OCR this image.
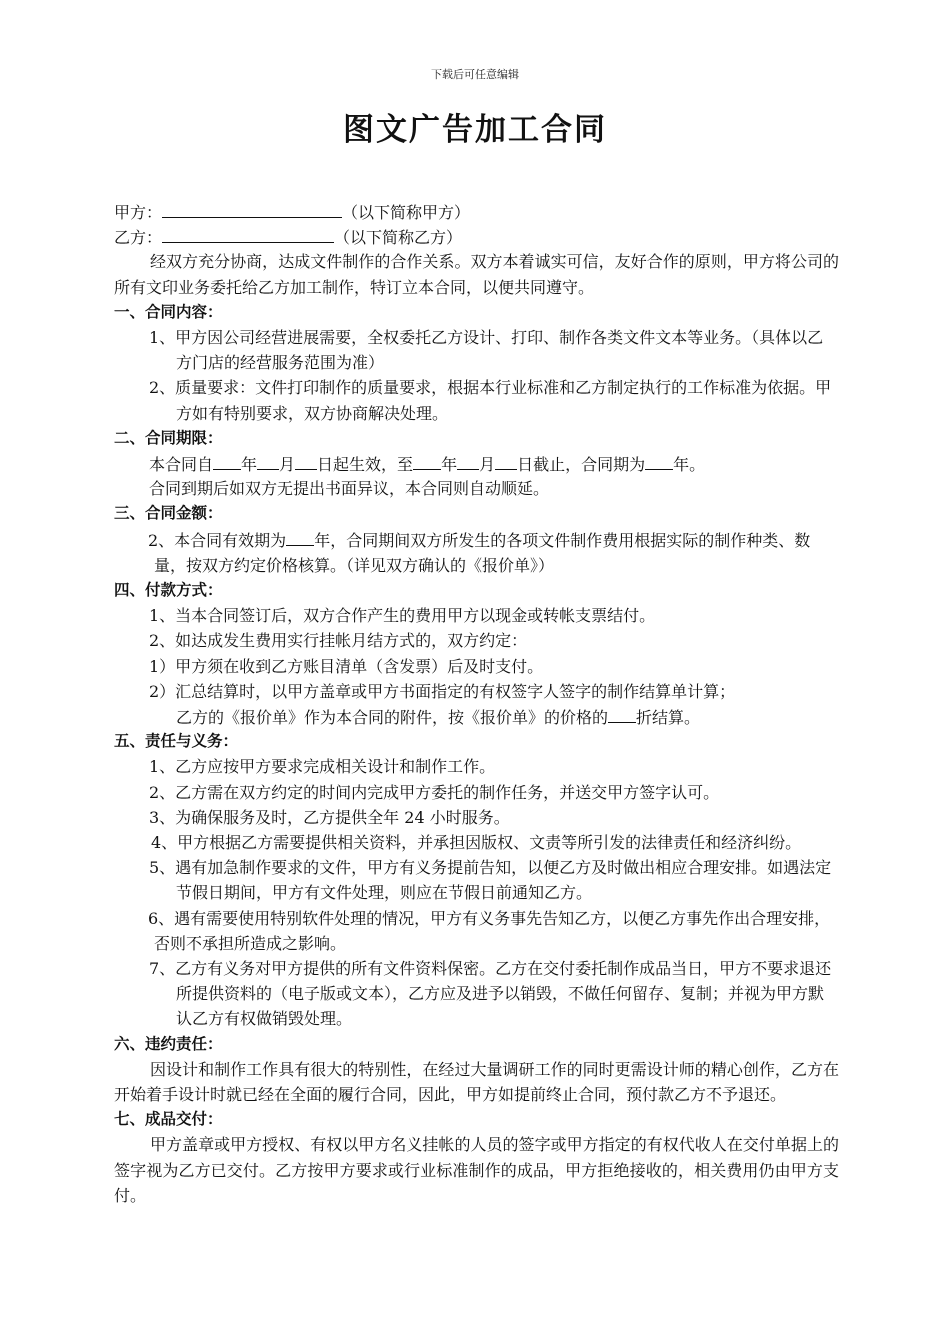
下载后可任意编辑
图文广告加工合同
甲方：	（以下简称甲方）
乙方：	（以下简称乙方）
经双方充分协商，达成文件制作的合作关系。双方本着诚实可信，友好合作的原则，甲方将公司的所有文印业务委托给乙方加工制作，特订立本合同，以便共同遵守。
一、合同内容：
1、甲方因公司经营进展需要，全权委托乙方设计、打印、制作各类文件文本等业务。（具体以乙方门店的经营服务范围为准）
2、质量要求：文件打印制作的质量要求，根据本行业标准和乙方制定执行的工作标准为依据。甲方如有特别要求，双方协商解决处理。
二、合同期限：
本合同自 年 月 日起生效，至 年 月 日截止，合同期为 年。
合同到期后如双方无提出书面异议，本合同则自动顺延。
三、合同金额：
2、本合同有效期为 年，合同期间双方所发生的各项文件制作费用根据实际的制作种类、数量，按双方约定价格核算。（详见双方确认的《报价单》）
四、付款方式：
1、当本合同签订后，双方合作产生的费用甲方以现金或转帐支票结付。
2、如达成发生费用实行挂帐月结方式的，双方约定：
1）甲方须在收到乙方账目清单（含发票）后及时支付。
2）汇总结算时，以甲方盖章或甲方书面指定的有权签字人签字的制作结算单计算；
乙方的《报价单》作为本合同的附件，按《报价单》的价格的 折结算。
五、责任与义务：
1、乙方应按甲方要求完成相关设计和制作工作。
2、乙方需在双方约定的时间内完成甲方委托的制作任务，并送交甲方签字认可。
3、为确保服务及时，乙方提供全年 24 小时服务。
4、甲方根据乙方需要提供相关资料，并承担因版权、文责等所引发的法律责任和经济纠纷。
5、遇有加急制作要求的文件，甲方有义务提前告知，以便乙方及时做出相应合理安排。如遇法定节假日期间，甲方有文件处理，则应在节假日前通知乙方。
6、遇有需要使用特别软件处理的情况，甲方有义务事先告知乙方，以便乙方事先作出合理安排，否则不承担所造成之影响。
7、乙方有义务对甲方提供的所有文件资料保密。乙方在交付委托制作成品当日，甲方不要求退还所提供资料的（电子版或文本），乙方应及进予以销毁，不做任何留存、复制；并视为甲方默认乙方有权做销毁处理。
六、违约责任：
因设计和制作工作具有很大的特别性，在经过大量调研工作的同时更需设计师的精心创作，乙方在开始着手设计时就已经在全面的履行合同，因此，甲方如提前终止合同，预付款乙方不予退还。
七、成品交付：
甲方盖章或甲方授权、有权以甲方名义挂帐的人员的签字或甲方指定的有权代收人在交付单据上的签字视为乙方已交付。乙方按甲方要求或行业标准制作的成品，甲方拒绝接收的，相关费用仍由甲方支付。
